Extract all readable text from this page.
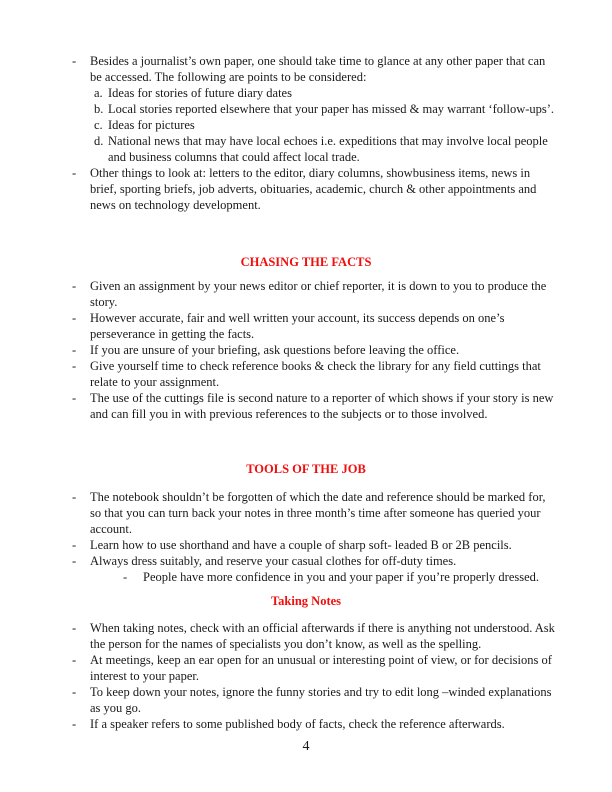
- Besides a journalist’s own paper, one should take time to glance at any other paper that can be accessed. The following are points to be considered:
a. Ideas for stories of future diary dates
b. Local stories reported elsewhere that your paper has missed & may warrant ‘follow-ups’.
c. Ideas for pictures
d. National news that may have local echoes i.e. expeditions that may involve local people and business columns that could affect local trade.
- Other things to look at: letters to the editor, diary columns, showbusiness items, news in brief, sporting briefs, job adverts, obituaries, academic, church & other appointments and news on technology development.
CHASING THE FACTS
- Given an assignment by your news editor or chief reporter, it is down to you to produce the story.
- However accurate, fair and well written your account, its success depends on one’s perseverance in getting the facts.
- If you are unsure of your briefing, ask questions before leaving the office.
- Give yourself time to check reference books & check the library for any field cuttings that relate to your assignment.
- The use of the cuttings file is second nature to a reporter of which shows if your story is new and can fill you in with previous references to the subjects or to those involved.
TOOLS OF THE JOB
- The notebook shouldn’t be forgotten of which the date and reference should be marked for, so that you can turn back your notes in three month’s time after someone has queried your account.
- Learn how to use shorthand and have a couple of sharp soft- leaded B or 2B pencils.
- Always dress suitably, and reserve your casual clothes for off-duty times.
- People have more confidence in you and your paper if you’re properly dressed.
Taking Notes
- When taking notes, check with an official afterwards if there is anything not understood. Ask the person for the names of specialists you don’t know, as well as the spelling.
- At meetings, keep an ear open for an unusual or interesting point of view, or for decisions of interest to your paper.
- To keep down your notes, ignore the funny stories and try to edit long –winded explanations as you go.
- If a speaker refers to some published body of facts, check the reference afterwards.
4
